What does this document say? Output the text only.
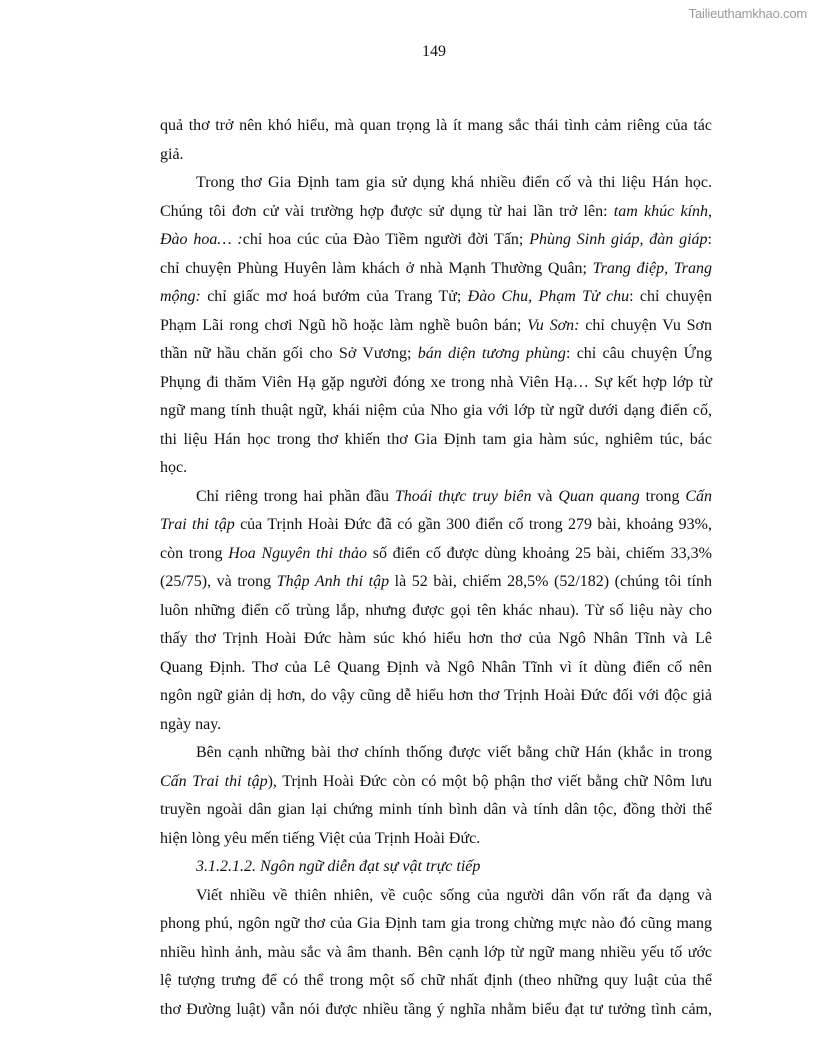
Tailieuthamkhao.com
149
quả thơ trở nên khó hiểu, mà quan trọng là ít mang sắc thái tình cảm riêng của tác
giả.
Trong thơ Gia Định tam gia sử dụng khá nhiều điển cố và thi liệu Hán học.
Chúng tôi đơn cử vài trường hợp được sử dụng từ hai lần trở lên: tam khúc kính,
Đào hoa… :chỉ hoa cúc của Đào Tiềm người đời Tấn; Phùng Sinh giáp, đàn giáp:
chỉ chuyện Phùng Huyên làm khách ở nhà Mạnh Thường Quân; Trang điệp, Trang
mộng: chỉ giấc mơ hoá bướm của Trang Tử; Đào Chu, Phạm Tử chu: chỉ chuyện
Phạm Lãi rong chơi Ngũ hồ hoặc làm nghề buôn bán; Vu Sơn: chỉ chuyện Vu Sơn
thần nữ hầu chăn gối cho Sở Vương; bán diện tương phùng: chỉ câu chuyện Ứng
Phụng đi thăm Viên Hạ gặp người đóng xe trong nhà Viên Hạ… Sự kết hợp lớp từ
ngữ mang tính thuật ngữ, khái niệm của Nho gia với lớp từ ngữ dưới dạng điển cố,
thi liệu Hán học trong thơ khiến thơ Gia Định tam gia hàm súc, nghiêm túc, bác
học.
Chỉ riêng trong hai phần đầu Thoái thực truy biên và Quan quang trong Cấn
Trai thi tập của Trịnh Hoài Đức đã có gần 300 điển cố trong 279 bài, khoảng 93%,
còn trong Hoa Nguyên thi thảo số điển cố được dùng khoảng 25 bài, chiếm 33,3%
(25/75), và trong Thập Anh thi tập là 52 bài, chiếm 28,5% (52/182) (chúng tôi tính
luôn những điển cố trùng lắp, nhưng được gọi tên khác nhau). Từ số liệu này cho
thấy thơ Trịnh Hoài Đức hàm súc khó hiểu hơn thơ của Ngô Nhân Tĩnh và Lê
Quang Định. Thơ của Lê Quang Định và Ngô Nhân Tĩnh vì ít dùng điển cố nên
ngôn ngữ giản dị hơn, do vậy cũng dễ hiểu hơn thơ Trịnh Hoài Đức đối với độc giả
ngày nay.
Bên cạnh những bài thơ chính thống được viết bằng chữ Hán (khắc in trong
Cấn Trai thi tập), Trịnh Hoài Đức còn có một bộ phận thơ viết bằng chữ Nôm lưu
truyền ngoài dân gian lại chứng minh tính bình dân và tính dân tộc, đồng thời thể
hiện lòng yêu mến tiếng Việt của Trịnh Hoài Đức.
3.1.2.1.2. Ngôn ngữ diễn đạt sự vật trực tiếp
Viết nhiều về thiên nhiên, về cuộc sống của người dân vốn rất đa dạng và
phong phú, ngôn ngữ thơ của Gia Định tam gia trong chừng mực nào đó cũng mang
nhiều hình ảnh, màu sắc và âm thanh. Bên cạnh lớp từ ngữ mang nhiều yếu tố ước
lệ tượng trưng để có thể trong một số chữ nhất định (theo những quy luật của thể
thơ Đường luật) vẫn nói được nhiều tầng ý nghĩa nhằm biểu đạt tư tưởng tình cảm,
